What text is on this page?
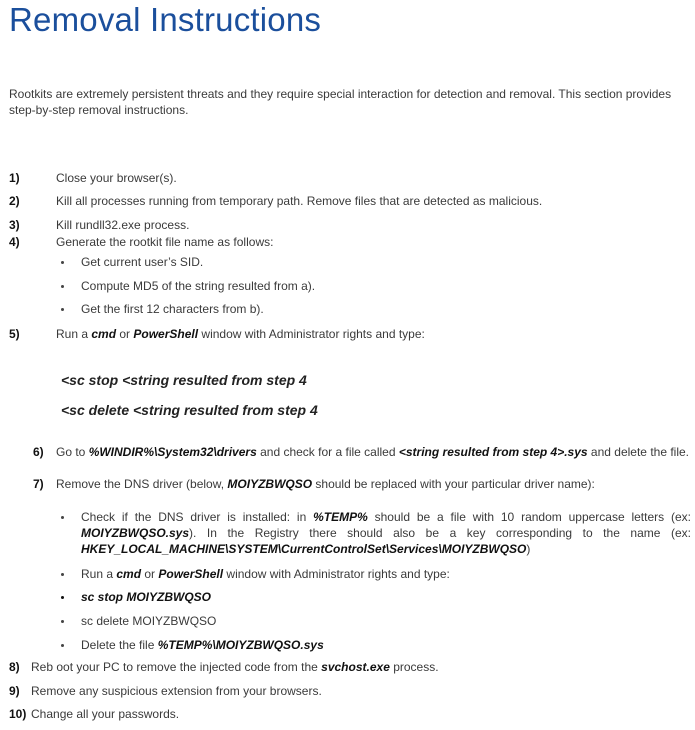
Removal Instructions

Rootkits are extremely persistent threats and they require special interaction for detection and removal. This section provides step-by-step removal instructions.

1)	Close your browser(s).
2)	Kill all processes running from temporary path. Remove files that are detected as malicious.
3)	Kill rundll32.exe process.
4)	Generate the rootkit file name as follows:
Get current user’s SID.
Compute MD5 of the string resulted from a).
Get the first 12 characters from b).
5)	Run a cmd or PowerShell window with Administrator rights and type:
<sc stop <string resulted from step 4
<sc delete <string resulted from step 4
6) Go to %WINDIR%\System32\drivers and check for a file called <string resulted from step 4>.sys and delete the file.
7) Remove the DNS driver (below, MOIYZBWQSO should be replaced with your particular driver name):
Check if the DNS driver is installed: in %TEMP% should be a file with 10 random uppercase letters (ex: MOIYZBWQSO.sys). In the Registry there should also be a key corresponding to the name (ex: HKEY_LOCAL_MACHINE\SYSTEM\CurrentControlSet\Services\MOIYZBWQSO)
Run a cmd or PowerShell window with Administrator rights and type:
sc stop MOIYZBWQSO
sc delete MOIYZBWQSO
Delete the file %TEMP%\MOIYZBWQSO.sys
8) Reb oot your PC to remove the injected code from the svchost.exe process.
9) Remove any suspicious extension from your browsers.
10) Change all your passwords.
